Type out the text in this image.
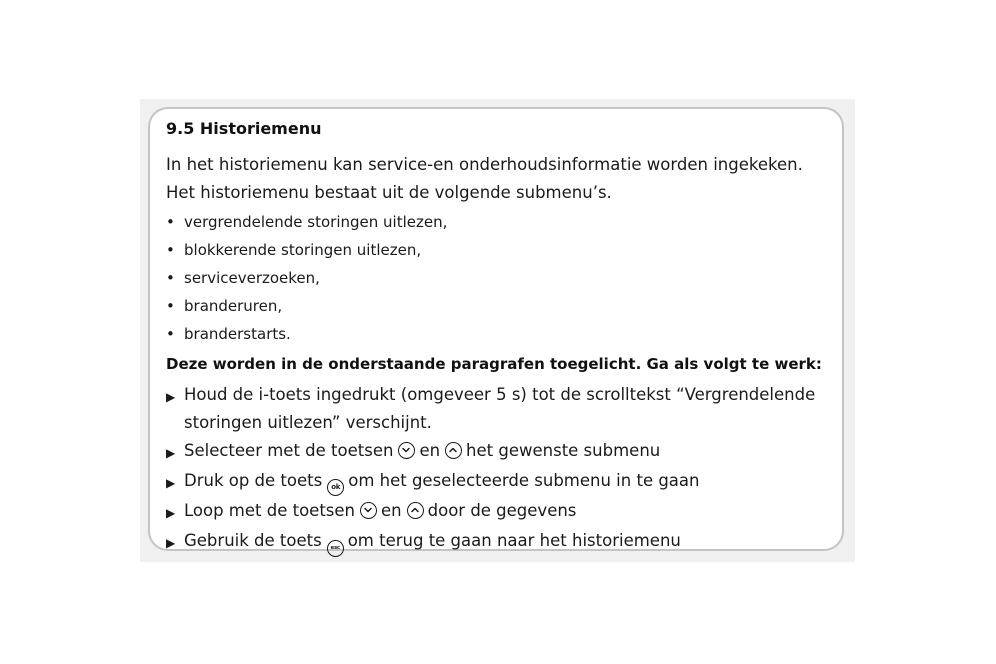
9.5 Historiemenu
In het historiemenu kan service-en onderhoudsinformatie worden ingekeken. Het historiemenu bestaat uit de volgende submenu’s.
• vergrendelende storingen uitlezen,
• blokkerende storingen uitlezen,
• serviceverzoeken,
• branderuren,
• branderstarts.
Deze worden in de onderstaande paragrafen toegelicht. Ga als volgt te werk:
▶ Houd de i-toets ingedrukt (omgeveer 5 s) tot de scrolltekst “Vergrendelende storingen uitlezen” verschijnt.
▶ Selecteer met de toetsen en het gewenste submenu
▶ Druk op de toets	ok om het geselecteerde submenu in te gaan
▶ Loop met de toetsen en door de gegevens
▶ Gebruik de toets	esc om terug te gaan naar het historiemenu
